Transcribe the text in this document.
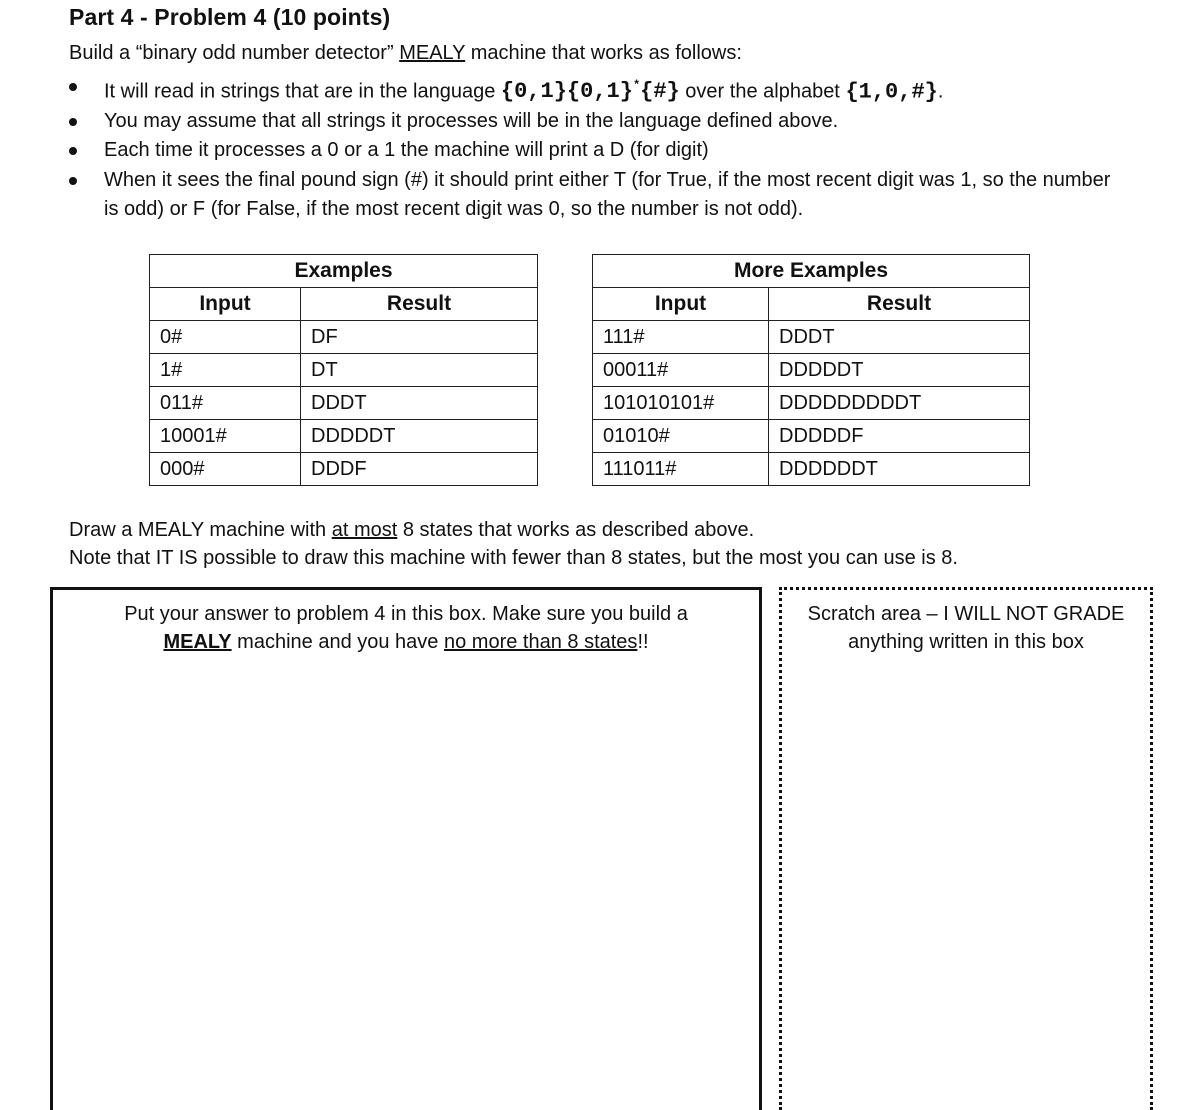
Part 4 - Problem 4 (10 points)
Build a “binary odd number detector” MEALY machine that works as follows:
It will read in strings that are in the language {0,1}{0,1}*{#} over the alphabet {1,0,#}.
You may assume that all strings it processes will be in the language defined above.
Each time it processes a 0 or a 1 the machine will print a D (for digit)
When it sees the final pound sign (#) it should print either T (for True, if the most recent digit was 1, so the number is odd) or F (for False, if the most recent digit was 0, so the number is not odd).
Examples	
Input	Result
0#	DF
1#	DT
011#	DDDT
10001#	DDDDDT
000#	DDDF
More Examples	
Input	Result
111#	DDDT
00011#	DDDDDT
101010101#	DDDDDDDDDT
01010#	DDDDDF
111011#	DDDDDDT
Draw a MEALY machine with at most 8 states that works as described above.
Note that IT IS possible to draw this machine with fewer than 8 states, but the most you can use is 8.
Put your answer to problem 4 in this box. Make sure you build a
MEALY machine and you have no more than 8 states!!
Scratch area – I WILL NOT GRADE
anything written in this box
